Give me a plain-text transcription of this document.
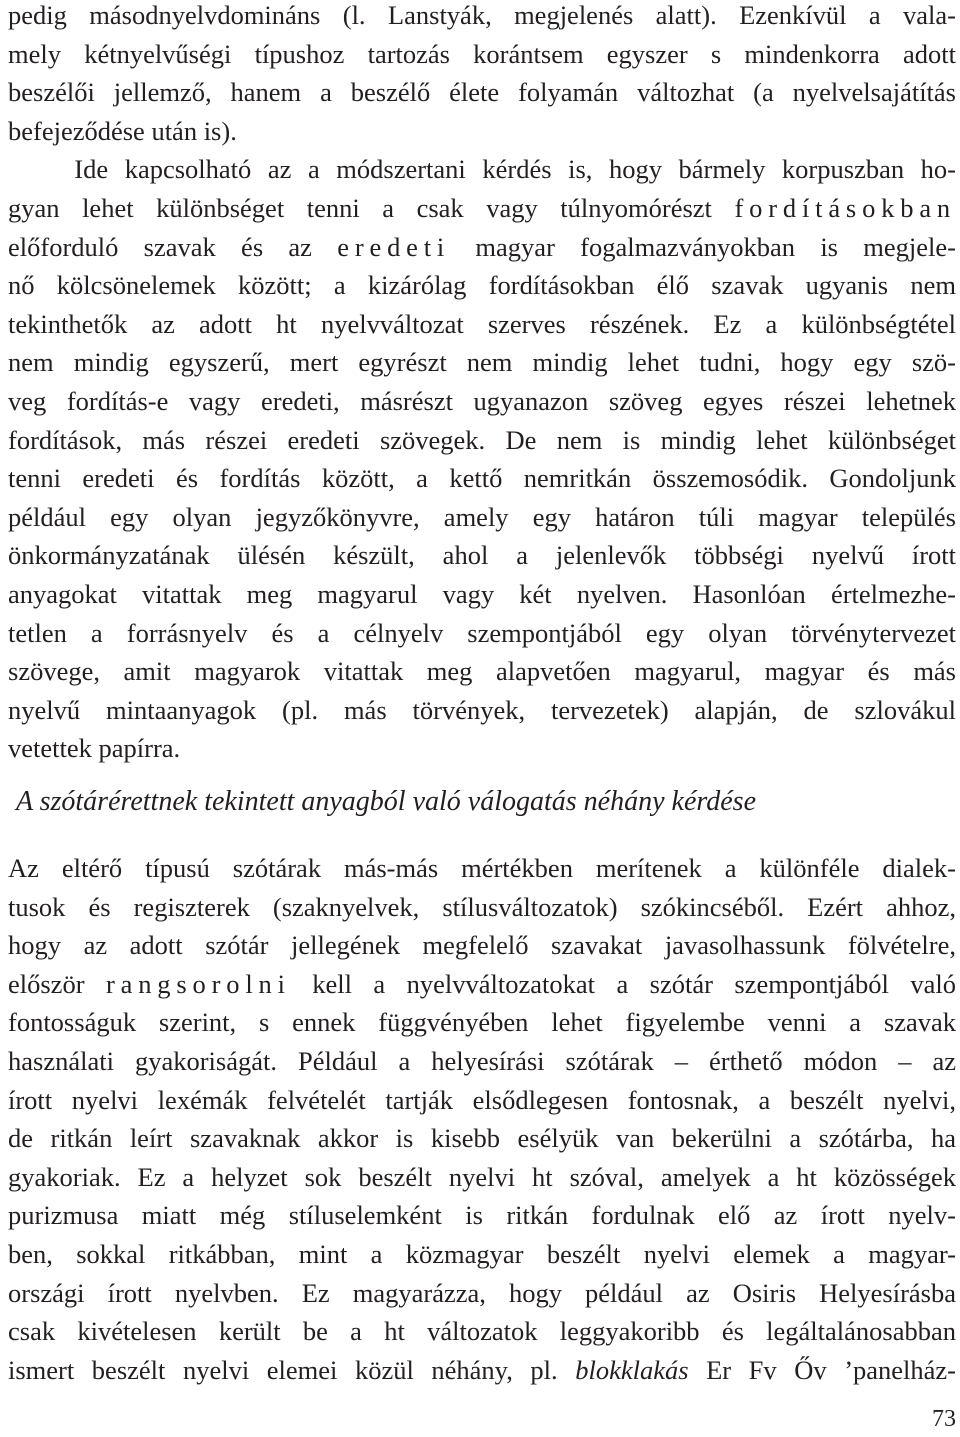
pedig másodnyelvdomináns (l. Lanstyák, megjelenés alatt). Ezenkívül a vala-
mely kétnyelvűségi típushoz tartozás korántsem egyszer s mindenkorra adott
beszélői jellemző, hanem a beszélő élete folyamán változhat (a nyelvelsajátítás
befejeződése után is).
Ide kapcsolható az a módszertani kérdés is, hogy bármely korpuszban ho-
gyan lehet különbséget tenni a csak vagy túlnyomórészt fordításokban
előforduló szavak és az eredeti magyar fogalmazványokban is megjele-
nő kölcsönelemek között; a kizárólag fordításokban élő szavak ugyanis nem
tekinthetők az adott ht nyelvváltozat szerves részének. Ez a különbségtétel
nem mindig egyszerű, mert egyrészt nem mindig lehet tudni, hogy egy szö-
veg fordítás-e vagy eredeti, másrészt ugyanazon szöveg egyes részei lehetnek
fordítások, más részei eredeti szövegek. De nem is mindig lehet különbséget
tenni eredeti és fordítás között, a kettő nemritkán összemosódik. Gondoljunk
például egy olyan jegyzőkönyvre, amely egy határon túli magyar település
önkormányzatának ülésén készült, ahol a jelenlevők többségi nyelvű írott
anyagokat vitattak meg magyarul vagy két nyelven. Hasonlóan értelmezhe-
tetlen a forrásnyelv és a célnyelv szempontjából egy olyan törvénytervezet
szövege, amit magyarok vitattak meg alapvetően magyarul, magyar és más
nyelvű mintaanyagok (pl. más törvények, tervezetek) alapján, de szlovákul
vetettek papírra.
A szótárérettnek tekintett anyagból való válogatás néhány kérdése
Az eltérő típusú szótárak más-más mértékben merítenek a különféle dialek-
tusok és regiszterek (szaknyelvek, stílusváltozatok) szókincséből. Ezért ahhoz,
hogy az adott szótár jellegének megfelelő szavakat javasolhassunk fölvételre,
először rangsorolni kell a nyelvváltozatokat a szótár szempontjából való
fontosságuk szerint, s ennek függvényében lehet figyelembe venni a szavak
használati gyakoriságát. Például a helyesírási szótárak – érthető módon – az
írott nyelvi lexémák felvételét tartják elsődlegesen fontosnak, a beszélt nyelvi,
de ritkán leírt szavaknak akkor is kisebb esélyük van bekerülni a szótárba, ha
gyakoriak. Ez a helyzet sok beszélt nyelvi ht szóval, amelyek a ht közösségek
purizmusa miatt még stíluselemként is ritkán fordulnak elő az írott nyelv-
ben, sokkal ritkábban, mint a közmagyar beszélt nyelvi elemek a magyar-
országi írott nyelvben. Ez magyarázza, hogy például az Osiris Helyesírásba
csak kivételesen került be a ht változatok leggyakoribb és legáltalánosabban
ismert beszélt nyelvi elemei közül néhány, pl. blokklakás Er Fv Őv ’panelház-
73
